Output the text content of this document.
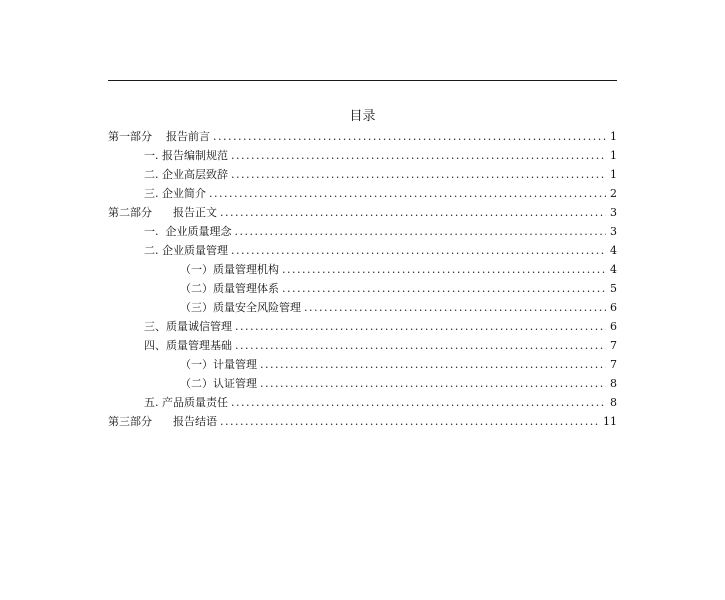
目录
第一部分    报告前言 .....	1
一. 报告编制规范 .....	1
二. 企业高层致辞 .....	1
三. 企业简介 .....	2
第二部分      报告正文 .....	3
一.  企业质量理念 .....	3
二. 企业质量管理 .....	4
（一）质量管理机构 .....	4
（二）质量管理体系 .....	5
（三）质量安全风险管理 .....	6
三、质量诚信管理 .....	6
四、质量管理基础 .....	7
（一）计量管理 .....	7
（二）认证管理 .....	8
五. 产品质量责任 .....	8
第三部分      报告结语 .....	11
